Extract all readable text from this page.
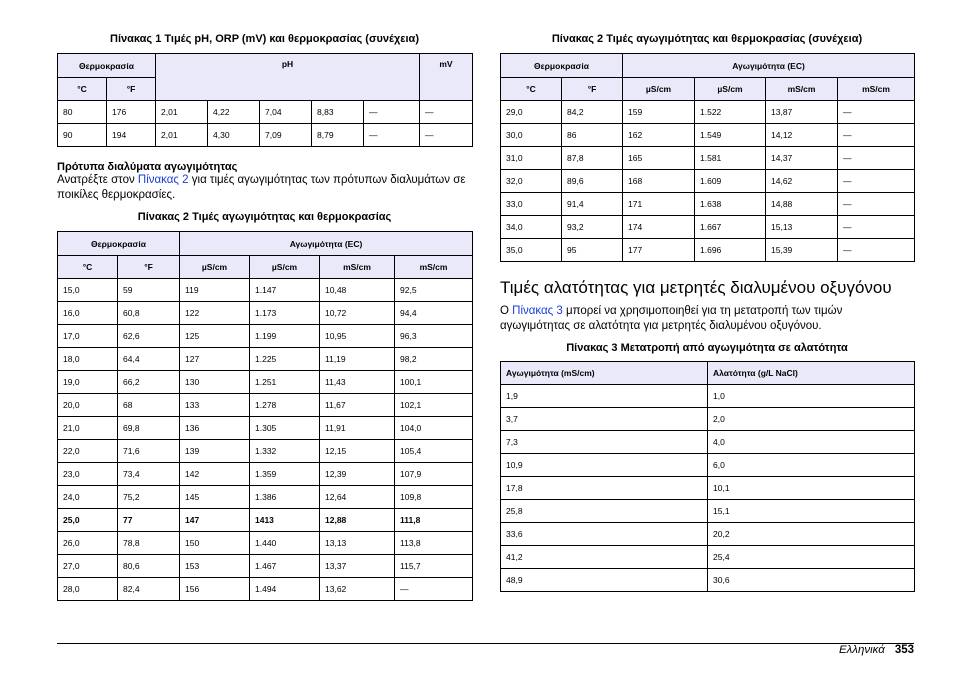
Πίνακας 1 Τιμές pH, ORP (mV) και θερμοκρασίας (συνέχεια)
Θερμοκρασία		pH					mV
°C	°F						
80	176	2,01	4,22	7,04	8,83	—	—
90	194	2,01	4,30	7,09	8,79	—	—
Πρότυπα διαλύματα αγωγιμότητας
Ανατρέξτε στον Πίνακας 2 για τιμές αγωγιμότητας των πρότυπων διαλυμάτων σε ποικίλες θερμοκρασίες.
Πίνακας 2 Τιμές αγωγιμότητας και θερμοκρασίας
Θερμοκρασία		Αγωγιμότητα (EC)			
°C	°F	µS/cm	µS/cm	mS/cm	mS/cm
15,0	59	119	1.147	10,48	92,5
16,0	60,8	122	1.173	10,72	94,4
17,0	62,6	125	1.199	10,95	96,3
18,0	64,4	127	1.225	11,19	98,2
19,0	66,2	130	1.251	11,43	100,1
20,0	68	133	1.278	11,67	102,1
21,0	69,8	136	1.305	11,91	104,0
22,0	71,6	139	1.332	12,15	105,4
23,0	73,4	142	1.359	12,39	107,9
24,0	75,2	145	1.386	12,64	109,8
25,0	77	147	1413	12,88	111,8
26,0	78,8	150	1.440	13,13	113,8
27,0	80,6	153	1.467	13,37	115,7
28,0	82,4	156	1.494	13,62	—
Πίνακας 2 Τιμές αγωγιμότητας και θερμοκρασίας (συνέχεια)
Θερμοκρασία		Αγωγιμότητα (EC)			
°C	°F	µS/cm	µS/cm	mS/cm	mS/cm
29,0	84,2	159	1.522	13,87	—
30,0	86	162	1.549	14,12	—
31,0	87,8	165	1.581	14,37	—
32,0	89,6	168	1.609	14,62	—
33,0	91,4	171	1.638	14,88	—
34,0	93,2	174	1.667	15,13	—
35,0	95	177	1.696	15,39	—
Τιμές αλατότητας για μετρητές διαλυμένου οξυγόνου
Ο Πίνακας 3 μπορεί να χρησιμοποιηθεί για τη μετατροπή των τιμών αγωγιμότητας σε αλατότητα για μετρητές διαλυμένου οξυγόνου.
Πίνακας 3 Μετατροπή από αγωγιμότητα σε αλατότητα
Αγωγιμότητα (mS/cm)	Αλατότητα (g/L NaCl)
1,9	1,0
3,7	2,0
7,3	4,0
10,9	6,0
17,8	10,1
25,8	15,1
33,6	20,2
41,2	25,4
48,9	30,6
Ελληνικά 353
